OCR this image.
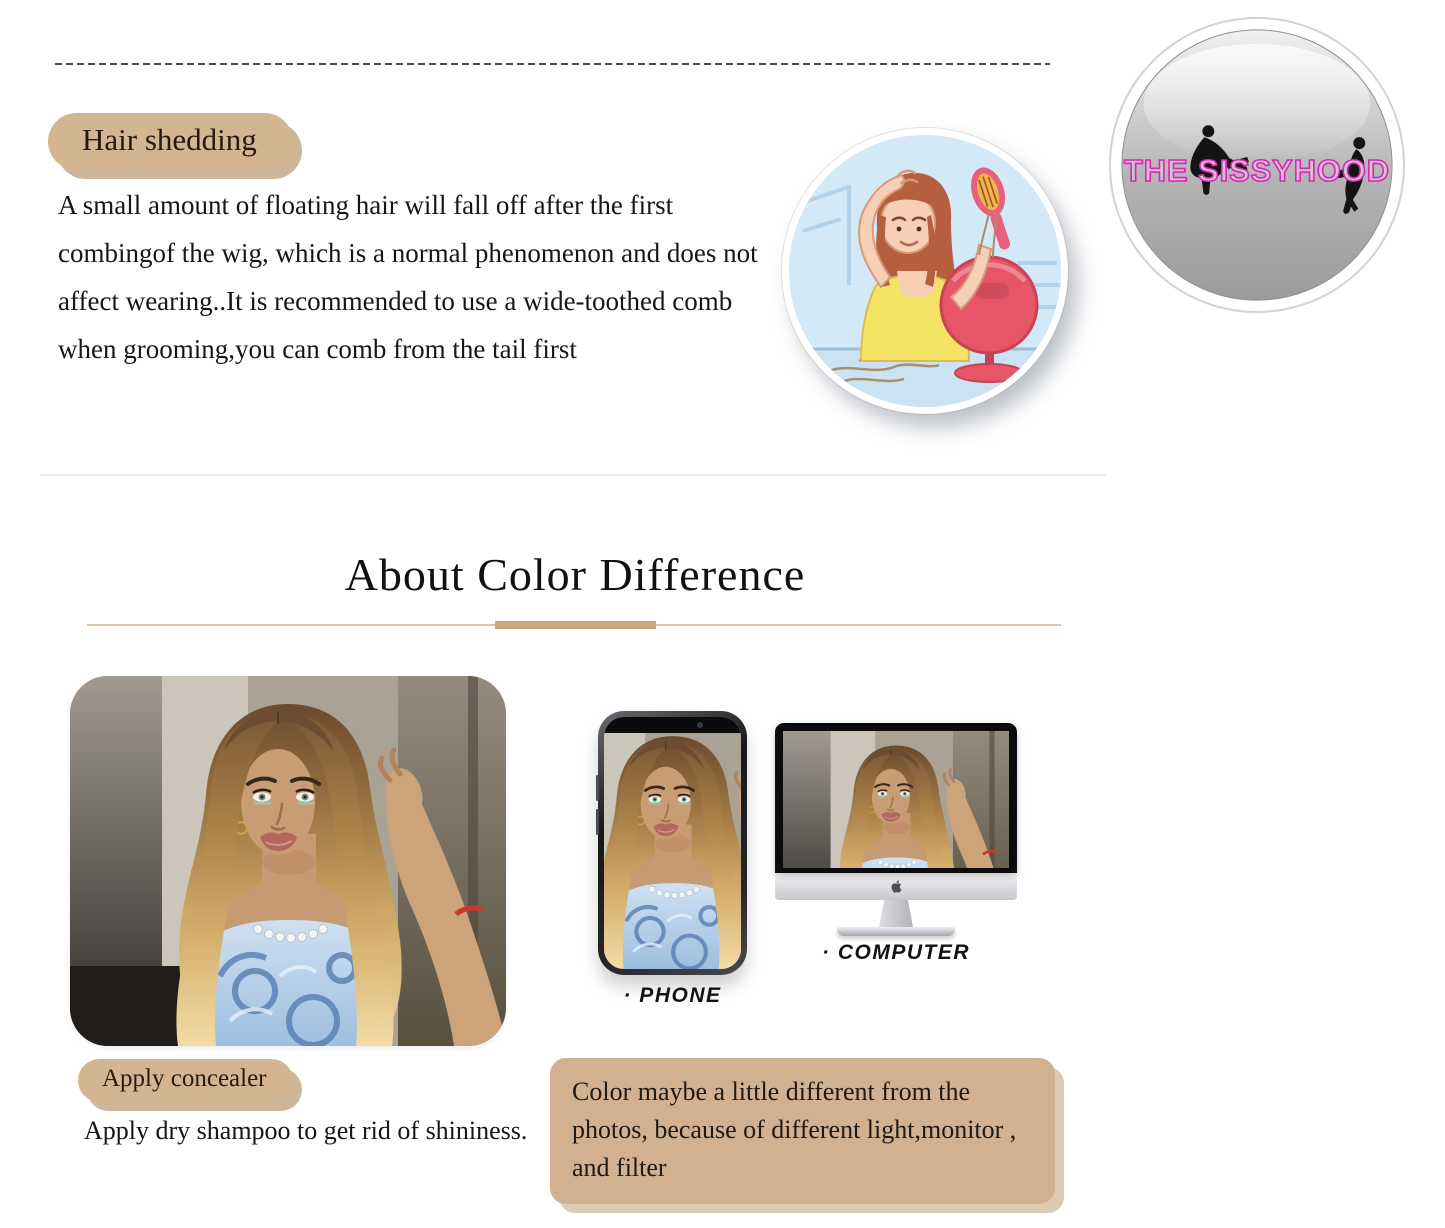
THE SISSYHOOD
Hair shedding

A small amount of floating hair will fall off after the first combingof the wig, which is a normal phenomenon and does not affect wearing..It is recommended to use a wide-toothed comb when grooming,you can comb from the tail first

About Color Difference
· PHONE
· COMPUTER
Apply concealer

Apply dry shampoo to get rid of shininess.

Color maybe a little different from the photos, because of different light,monitor , and filter
